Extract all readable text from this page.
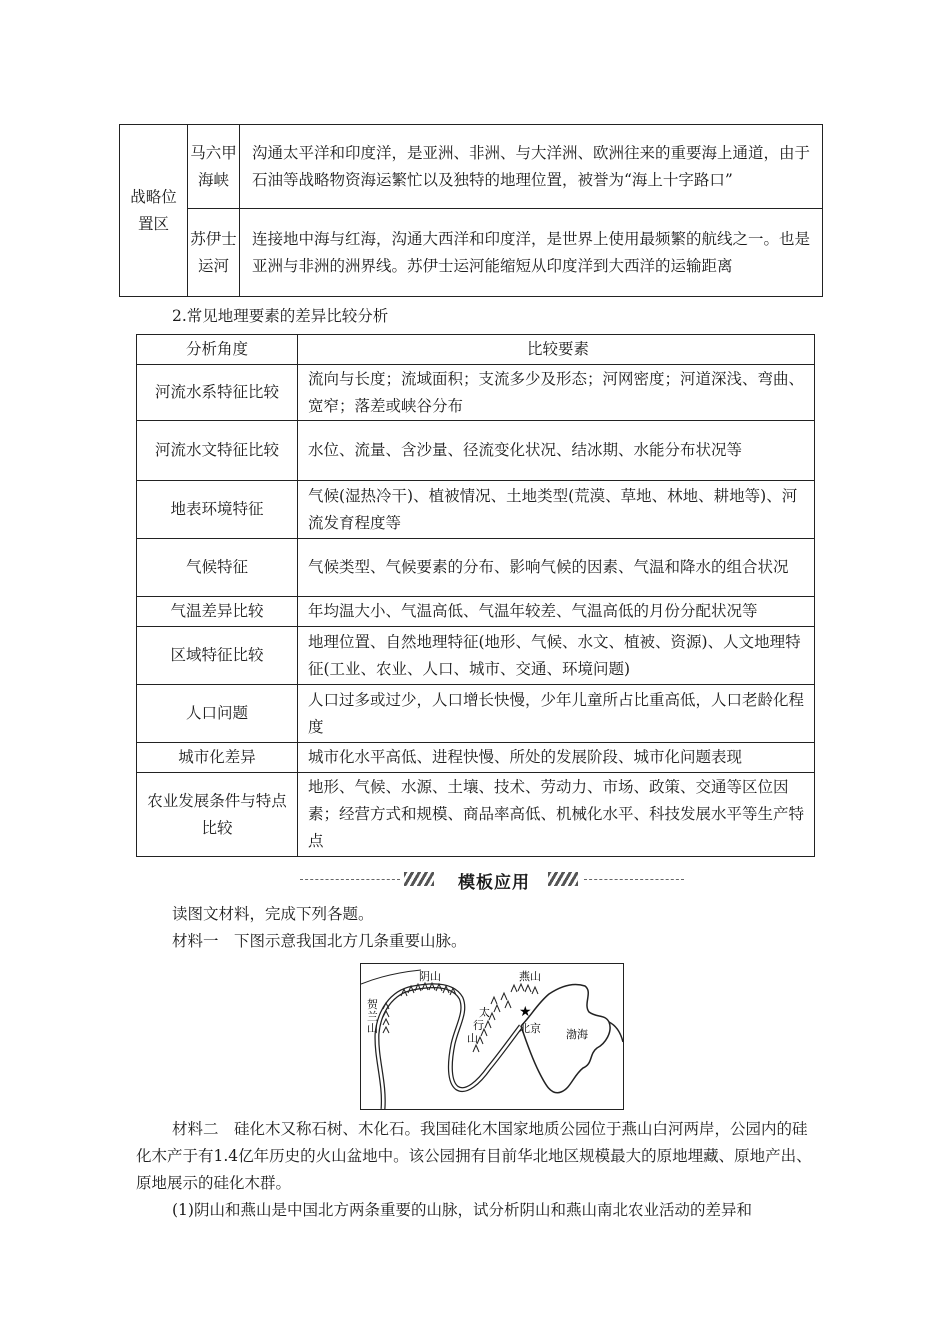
战略位置区	马六甲海峡	沟通太平洋和印度洋，是亚洲、非洲、与大洋洲、欧洲往来的重要海上通道，由于石油等战略物资海运繁忙以及独特的地理位置，被誉为“海上十字路口”
	苏伊士运河	连接地中海与红海，沟通大西洋和印度洋，是世界上使用最频繁的航线之一。也是亚洲与非洲的洲界线。苏伊士运河能缩短从印度洋到大西洋的运输距离
2.常见地理要素的差异比较分析
分析角度	比较要素
河流水系特征比较	流向与长度；流域面积；支流多少及形态；河网密度；河道深浅、弯曲、宽窄；落差或峡谷分布
河流水文特征比较	水位、流量、含沙量、径流变化状况、结冰期、水能分布状况等
地表环境特征	气候(湿热冷干)、植被情况、土地类型(荒漠、草地、林地、耕地等)、河流发育程度等
气候特征	气候类型、气候要素的分布、影响气候的因素、气温和降水的组合状况
气温差异比较	年均温大小、气温高低、气温年较差、气温高低的月份分配状况等
区域特征比较	地理位置、自然地理特征(地形、气候、水文、植被、资源)、人文地理特征(工业、农业、人口、城市、交通、环境问题)
人口问题	人口过多或过少，人口增长快慢，少年儿童所占比重高低，人口老龄化程度
城市化差异	城市化水平高低、进程快慢、所处的发展阶段、城市化问题表现
农业发展条件与特点比较	地形、气候、水源、土壤、技术、劳动力、市场、政策、交通等区位因素；经营方式和规模、商品率高低、机械化水平、科技发展水平等生产特点
模板应用
读图文材料，完成下列各题。
材料一　下图示意我国北方几条重要山脉。
★
阴山	燕山
贺
兰
山
太
行
山
北京 渤海
材料二　硅化木又称石树、木化石。我国硅化木国家地质公园位于燕山白河两岸，公园内的硅化木产于有1.4亿年历史的火山盆地中。该公园拥有目前华北地区规模最大的原地埋藏、原地产出、原地展示的硅化木群。
(1)阴山和燕山是中国北方两条重要的山脉，试分析阴山和燕山南北农业活动的差异和
